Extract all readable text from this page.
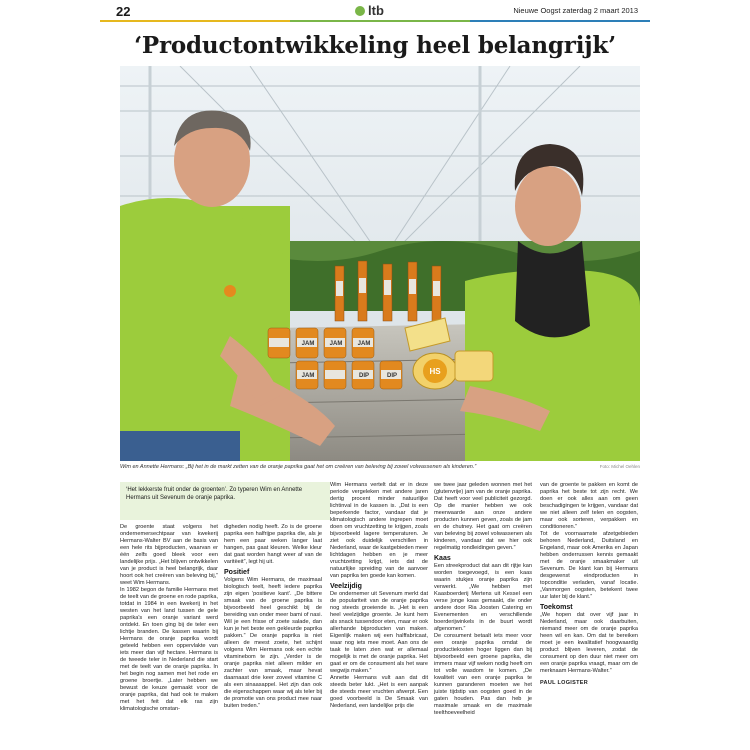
22	ltb	Nieuwe Oogst zaterdag 2 maart 2013
‘Productontwikkeling heel belangrijk’
JAM	JAM	JAM
JAM	DIP	DIP	HS
Wim en Annette Hermans: „Bij het in de markt zetten van de oranje paprika gaat het om creëren van beleving bij zowel volwassenen als kinderen.”	Foto: Michel Oehlen
‘Het lekkerste fruit onder de groenten’. Zo typeren Wim en Annette Hermans uit Sevenum de oranje paprika.

De groente staat volgens het ondernemersechtpaar van kwekerij Hermans-Walter BV aan de basis van een hele rits bijproducten, waarvan er één zelfs goed bleek voor een landelijke prijs. „Het blijven ontwikkelen van je product is heel belangrijk, daar hoort ook het creëren van beleving bij,” weet Wim Hermans.

In 1982 begon de familie Hermans met de teelt van de groene en rode paprika, totdat in 1984 in een kwekerij in het westen van het land tussen de gele paprika's een oranje variant werd ontdekt. En toen ging bij de teler een lichtje branden. De kassen waarin bij Hermans de oranje paprika wordt geteeld hebben een oppervlakte van iets meer dan vijf hectare. Hermans is de tweede teler in Nederland die start met de teelt van de oranje paprika. In het begin nog samen met het rode en groene broertje. „Later hebben we bewust de keuze gemaakt voor de oranje paprika, dat had ook te maken met het feit dat elk ras zijn klimatologische omstan-

digheden nodig heeft. Zo is de groene paprika een halfrijpe paprika die, als je hem een paar weken langer laat hangen, pas gaat kleuren. Welke kleur dat gaat worden hangt weer af van de varitëeit”, legt hij uit.

Positief

Volgens Wim Hermans, de maximaal biologisch teelt, heeft iedere paprika zijn eigen ‘positieve kant’. „De bittere smaak van de groene paprika is bijvoorbeeld heel geschikt bij de bereiding van onder meer bami of nasi. Wil je een frisse of zoete salade, dan kun je het beste een gekleurde paprika pakken.” De oranje paprika is niet alleen de meest zoete, het schijnt volgens Wim Hermans ook een echte vitaminebom te zijn. „Verder is de oranje paprika niet alleen milder en zachter van smaak, maar hevat daarnaast drie keer zoveel vitamine C als een sinaasappel. Het zijn dan ook die eigenschappen waar wij als teler bij de promotie van ons product mee naar buiten treden.”

Wim Hermans vertelt dat er in deze periode vergeleken met andere jaren dertig procent minder natuurlijke lichtinval in de kassen is. „Dat is een beperkende factor, vandaar dat je klimatologisch andere ingrepen moet doen om vruchtzetting te krijgen, zoals bijvoorbeeld lagere temperaturen. Je ziet ook duidelijk verschillen in Nederland, waar de kastgebieden meer lichtdagen hebben en je meer vruchtzetting krijgt, iets dat de natuurlijke spreiding van de aanvoer van paprika ten goede kan komen.

Veelzijdig

De ondernemer uit Sevenum merkt dat de populariteit van de oranje paprika nog steeds groeiende is. „Het is een heel veelzijdige groente. Je kunt hem als snack tussendoor eten, maar er ook allerhande bijproducten van maken. Eigenlijk maken wij een halffabricaat, waar nog iets mee moet. Aan ons de taak te laten zien wat er allemaal mogelijk is met de oranje paprika. Het gaat er om de consument als het ware wegwijs maken.”

Annette Hermans vult aan dat dit steeds beter lukt. „Het is een aanpak die steeds meer vruchten afwerpt. Een goed voorbeeld is De Smaak van Nederland, een landelijke prijs die

we twee jaar geleden wonnen met het (glutenvrije) jam van de oranje paprika. Dat heeft voor veel publiciteit gezorgd. Op die manier hebben we ook meerwaarde aan onze andere producten kunnen geven, zoals de jam en de chutney. Het gaat om creëren van beleving bij zowel volwassenen als kinderen, vandaar dat we hier ook regelmatig rondleidingen geven.”

Kaas

Een streekproduct dat aan dit rijtje kan worden toegevoegd, is een kaas waarin stukjes oranje paprika zijn verwerkt. „We hebben met Kaasboerderij Mertens uit Kessel een verse jonge kaas gemaakt, die onder andere door Ria Joosten Catering en Evenementen en verschillende boerderijwinkels in de buurt wordt afgenomen.”

De consument betaalt iets meer voor een oranje paprika omdat de productiekosten hoger liggen dan bij bijvoorbeeld een groene paprika, die immers maar vijf weken nodig heeft om tot volle wasdom te komen. „De kwaliteit van een oranje paprika te kunnen garanderen moeten we het juiste tijdstip van oogsten goed in de gaten houden. Pas dan heb je maximale smaak en de maximale teelthoeveelheid

van de groente te pakken en komt de paprika het beste tot zijn recht. We doen er ook alles aan om geen beschadigingen te krijgen, vandaar dat we niet alleen zelf telen en oogsten, maar ook sorteren, verpakken en conditioneren.”

Tot de voornaamste afzetgebieden behoren Nederland, Duitsland en Engeland, maar ook Amerika en Japan hebben onderrussen kennis gemaakt met de oranje smaakmaker uit Sevenum. De klant kan bij Hermans desgewenst eindproducten in topconditie verladen, vanaf locatie. „Vanmorgen oogsten, betekent twee uur later bij de klant.”

Toekomst

„We hopen dat over vijf jaar in Nederland, maar ook daarbuiten, niemand meer om de oranje paprika heen wil en kan. Om dat te bereiken moet je een kwalitatief hoogwaardig product blijven leveren, zodat de consument op den duur niet meer om een oranje paprika vraagt, maar om de merknaam Hermans-Walter.”

PAUL LOGISTER
